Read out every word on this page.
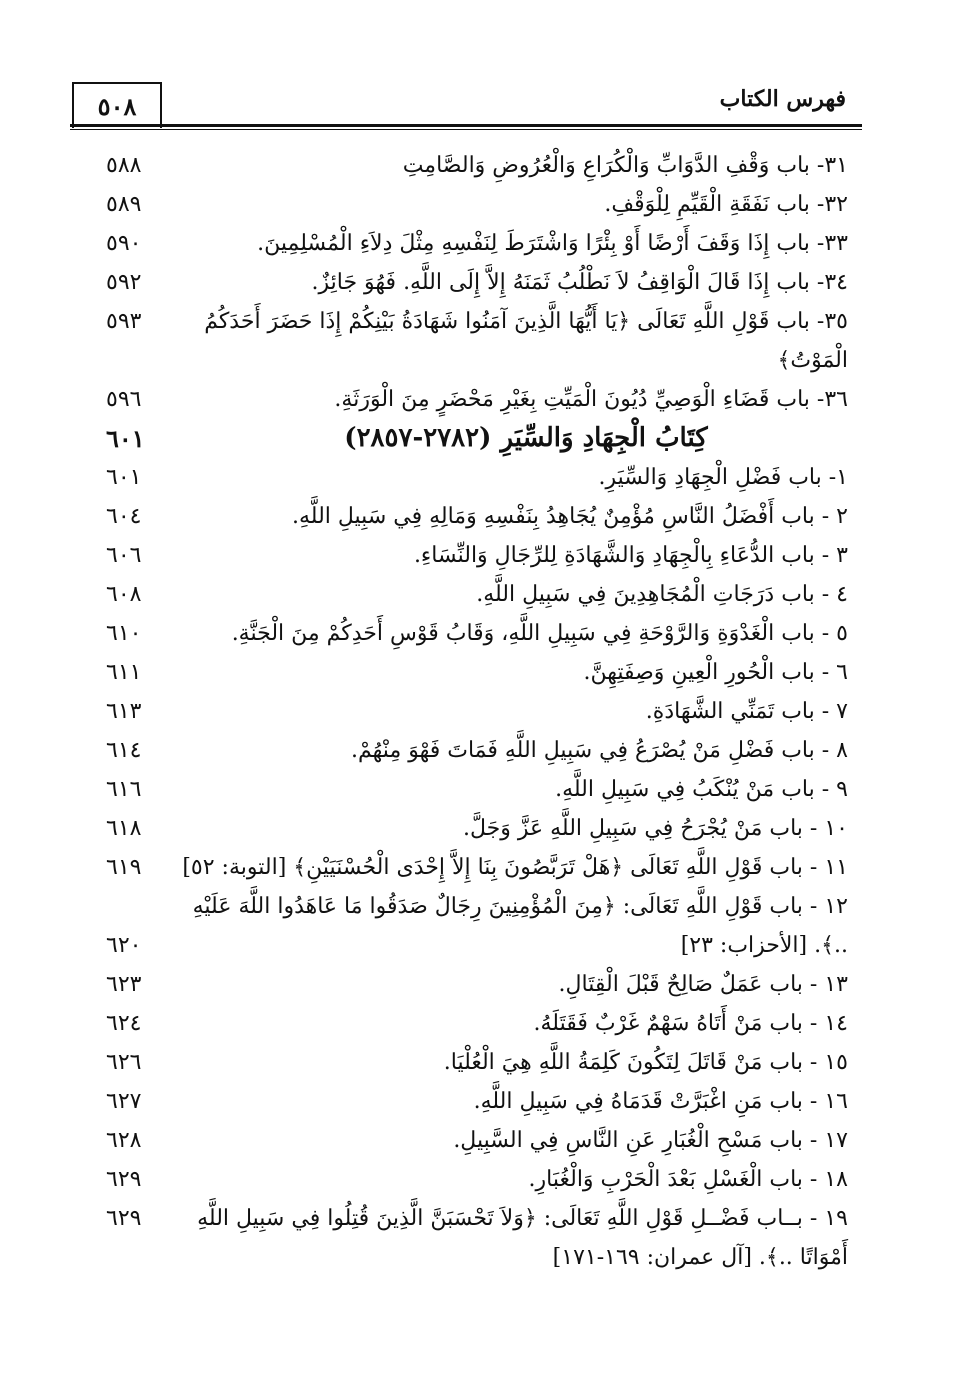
٥٠٨	فهرس الكتاب
٣١- باب وَقْفِ الدَّوَابِّ وَالْكُرَاعِ وَالْعُرُوضِ وَالصَّامِتِ
٥٨٨
٣٢- باب نَفَقَةِ الْقَيِّمِ لِلْوَقْفِ.
٥٨٩
٣٣- باب إِذَا وَقَفَ أَرْضًا أَوْ بِئْرًا وَاشْتَرَطَ لِنَفْسِهِ مِثْلَ دِلاَءِ الْمُسْلِمِينَ.
٥٩٠
٣٤- باب إِذَا قَالَ الْوَاقِفُ لاَ نَطْلُبُ ثَمَنَهُ إِلاَّ إِلَى اللَّهِ. فَهُوَ جَائِزٌ.
٥٩٢
٣٥- باب قَوْلِ اللَّهِ تَعَالَى ﴿يَا أَيُّهَا الَّذِينَ آمَنُوا شَهَادَةُ بَيْنِكُمْ إِذَا حَضَرَ أَحَدَكُمُ الْمَوْتُ﴾
٥٩٣
٣٦- باب قَضَاءِ الْوَصِيِّ دُيُونَ الْمَيِّتِ بِغَيْرِ مَحْضَرٍ مِنَ الْوَرَثَةِ.
٥٩٦
كِتَابُ الْجِهَادِ وَالسِّيَرِ (٢٧٨٢-٢٨٥٧)
٦٠١
١- باب فَضْلِ الْجِهَادِ وَالسِّيَرِ.
٦٠١
٢ - باب أَفْضَلُ النَّاسِ مُؤْمِنٌ يُجَاهِدُ بِنَفْسِهِ وَمَالِهِ فِي سَبِيلِ اللَّهِ.
٦٠٤
٣ - باب الدُّعَاءِ بِالْجِهَادِ وَالشَّهَادَةِ لِلرِّجَالِ وَالنِّسَاءِ.
٦٠٦
٤ - باب دَرَجَاتِ الْمُجَاهِدِينَ فِي سَبِيلِ اللَّهِ.
٦٠٨
٥ - باب الْغَدْوَةِ وَالرَّوْحَةِ فِي سَبِيلِ اللَّهِ، وَقَابُ قَوْسِ أَحَدِكُمْ مِنَ الْجَنَّةِ.
٦١٠
٦ - باب الْحُورِ الْعِينِ وَصِفَتِهِنَّ.
٦١١
٧ - باب تَمَنِّي الشَّهَادَةِ.
٦١٣
٨ - باب فَضْلِ مَنْ يُصْرَعُ فِي سَبِيلِ اللَّهِ فَمَاتَ فَهْوَ مِنْهُمْ.
٦١٤
٩ - باب مَنْ يُنْكَبُ فِي سَبِيلِ اللَّهِ.
٦١٦
١٠ - باب مَنْ يُجْرَحُ فِي سَبِيلِ اللَّهِ عَزَّ وَجَلَّ.
٦١٨
١١ - باب قَوْلِ اللَّهِ تَعَالَى ﴿هَلْ تَرَبَّصُونَ بِنَا إِلاَّ إِحْدَى الْحُسْنَيَيْنِ﴾ [التوبة: ٥٢]
٦١٩
١٢ - باب قَوْلِ اللَّهِ تَعَالَى: ﴿مِنَ الْمُؤْمِنِينَ رِجَالٌ صَدَقُوا مَا عَاهَدُوا اللَّهَ عَلَيْهِ ..﴾. [الأحزاب: ٢٣]
٦٢٠
١٣ - باب عَمَلٌ صَالِحٌ قَبْلَ الْقِتَالِ.
٦٢٣
١٤ - باب مَنْ أَتَاهُ سَهْمٌ غَرْبٌ فَقَتَلَهُ.
٦٢٤
١٥ - باب مَنْ قَاتَلَ لِتَكُونَ كَلِمَةُ اللَّهِ هِيَ الْعُلْيَا.
٦٢٦
١٦ - باب مَنِ اغْبَرَّتْ قَدَمَاهُ فِي سَبِيلِ اللَّهِ.
٦٢٧
١٧ - باب مَسْحِ الْغُبَارِ عَنِ النَّاسِ فِي السَّبِيلِ.
٦٢٨
١٨ - باب الْغَسْلِ بَعْدَ الْحَرْبِ وَالْغُبَارِ.
٦٢٩
١٩ - بــاب فَضْــلِ قَوْلِ اللَّهِ تَعَالَى: ﴿وَلاَ تَحْسَبَنَّ الَّذِينَ قُتِلُوا فِي سَبِيلِ اللَّهِ أَمْوَاتًا ..﴾. [آل عمران: ١٦٩-١٧١]
٦٢٩
